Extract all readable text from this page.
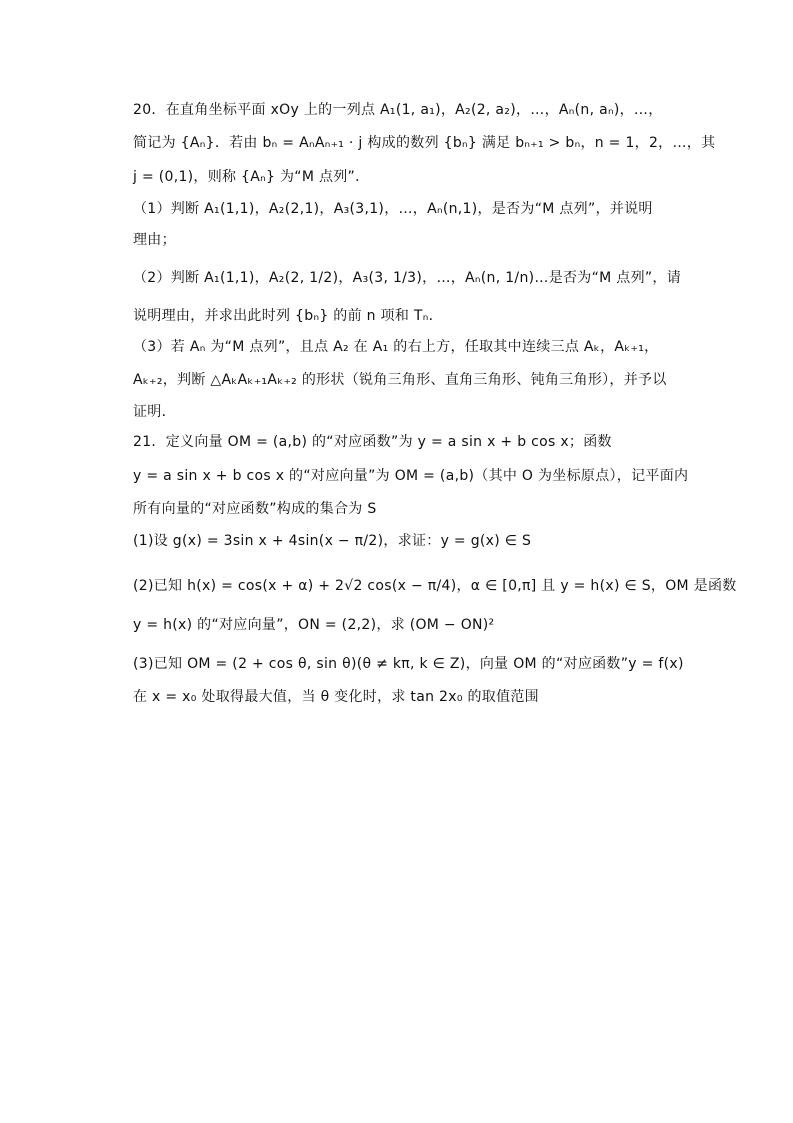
20．在直角坐标平面 xOy 上的一列点 A₁(1, a₁)，A₂(2, a₂)，…，Aₙ(n, aₙ)，…，
简记为 {Aₙ}．若由 bₙ = AₙAₙ₊₁ · j 构成的数列 {bₙ} 满足 bₙ₊₁ > bₙ，n = 1，2，…，其
j = (0,1)，则称 {Aₙ} 为“M 点列”．
（1）判断 A₁(1,1)，A₂(2,1)，A₃(3,1)，…，Aₙ(n,1)，是否为“M 点列”，并说明
理由；
（2）判断 A₁(1,1)，A₂(2, 1/2)，A₃(3, 1/3)，…，Aₙ(n, 1/n)…是否为“M 点列”，请
说明理由，并求出此时列 {bₙ} 的前 n 项和 Tₙ．
（3）若 Aₙ 为“M 点列”，且点 A₂ 在 A₁ 的右上方，任取其中连续三点 Aₖ，Aₖ₊₁，
Aₖ₊₂，判断 △AₖAₖ₊₁Aₖ₊₂ 的形状（锐角三角形、直角三角形、钝角三角形），并予以
证明．
21．定义向量 OM = (a,b) 的“对应函数”为 y = a sin x + b cos x；函数
y = a sin x + b cos x 的“对应向量”为 OM = (a,b)（其中 O 为坐标原点），记平面内
所有向量的“对应函数”构成的集合为 S
(1)设 g(x) = 3sin x + 4sin(x − π/2)，求证：y = g(x) ∈ S
(2)已知 h(x) = cos(x + α) + 2√2 cos(x − π/4)，α ∈ [0,π] 且 y = h(x) ∈ S，OM 是函数
y = h(x) 的“对应向量”，ON = (2,2)，求 (OM − ON)²
(3)已知 OM = (2 + cos θ, sin θ)(θ ≠ kπ, k ∈ Z)，向量 OM 的“对应函数”y = f(x)
在 x = x₀ 处取得最大值，当 θ 变化时，求 tan 2x₀ 的取值范围
